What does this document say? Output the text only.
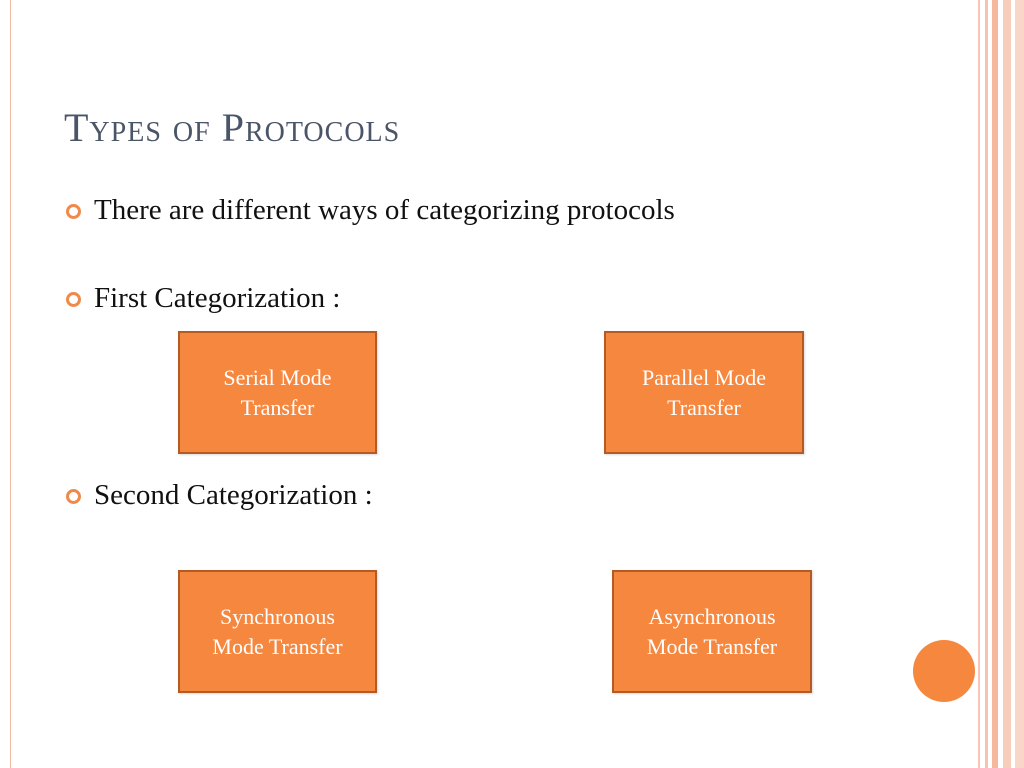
Types of Protocols
There are different ways of categorizing protocols
First Categorization :
Serial Mode
Transfer
Parallel Mode
Transfer
Second Categorization :
Synchronous
Mode Transfer
Asynchronous
Mode Transfer
